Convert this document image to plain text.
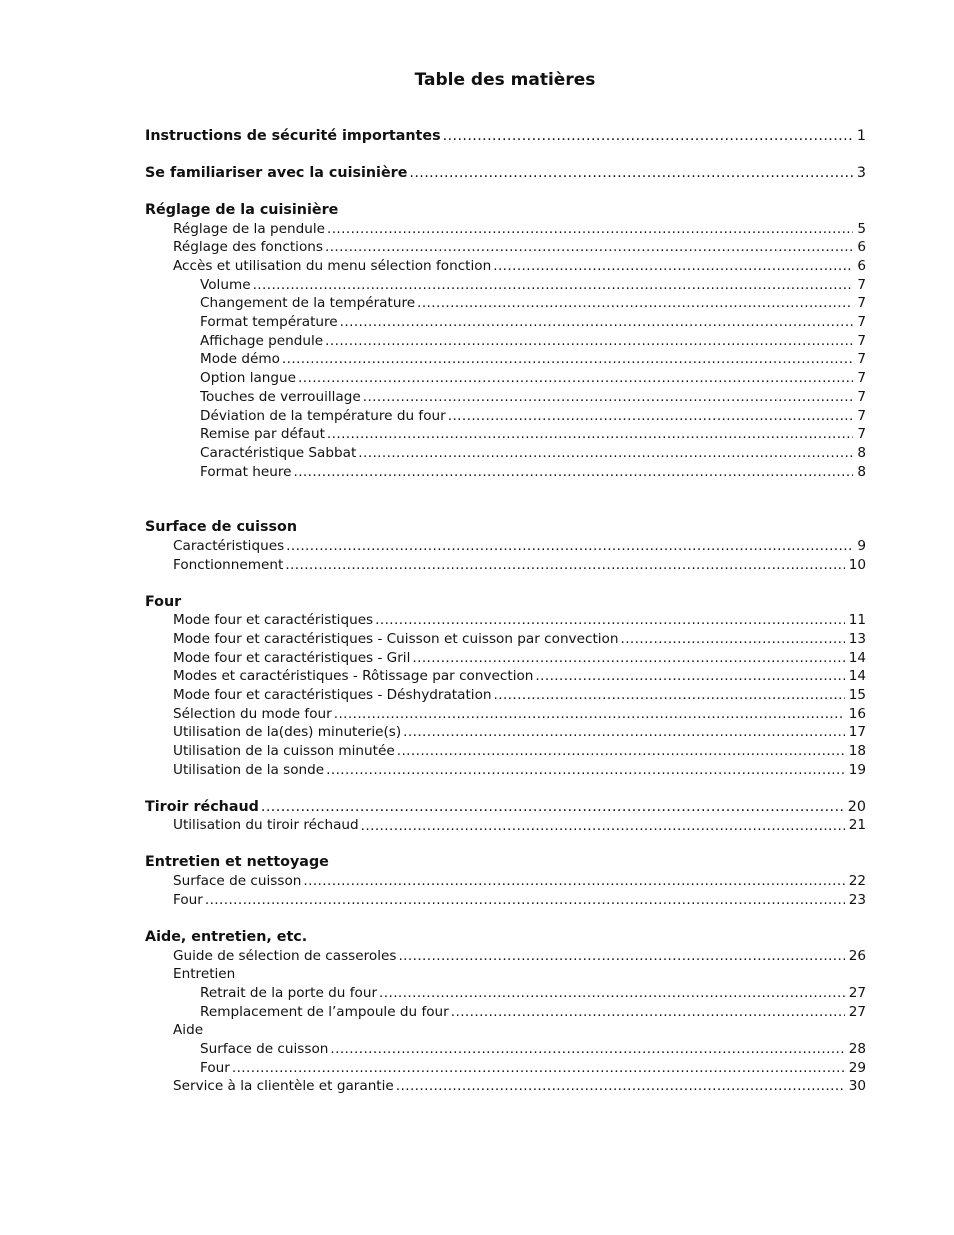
Table des matières
Instructions de sécurité importantes .....	1
Se familiariser avec la cuisinière .....	3
Réglage de la cuisinière
Réglage de la pendule .....	5
Réglage des fonctions .....	6
Accès et utilisation du menu sélection fonction .....	6
Volume .....	7
Changement de la température .....	7
Format température .....	7
Affichage pendule .....	7
Mode démo .....	7
Option langue .....	7
Touches de verrouillage .....	7
Déviation de la température du four .....	7
Remise par défaut .....	7
Caractéristique Sabbat .....	8
Format heure .....	8
Surface de cuisson
Caractéristiques .....	9
Fonctionnement .....	10
Four
Mode four et caractéristiques .....	11
Mode four et caractéristiques - Cuisson et cuisson par convection .....	13
Mode four et caractéristiques - Gril .....	14
Modes et caractéristiques - Rôtissage par convection .....	14
Mode four et caractéristiques - Déshydratation .....	15
Sélection du mode four .....	16
Utilisation de la(des) minuterie(s) .....	17
Utilisation de la cuisson minutée .....	18
Utilisation de la sonde .....	19
Tiroir réchaud .....	20
Utilisation du tiroir réchaud .....	21
Entretien et nettoyage
Surface de cuisson .....	22
Four .....	23
Aide, entretien, etc.
Guide de sélection de casseroles .....	26
Entretien
Retrait de la porte du four .....	27
Remplacement de l’ampoule du four .....	27
Aide
Surface de cuisson .....	28
Four .....	29
Service à la clientèle et garantie .....	30
